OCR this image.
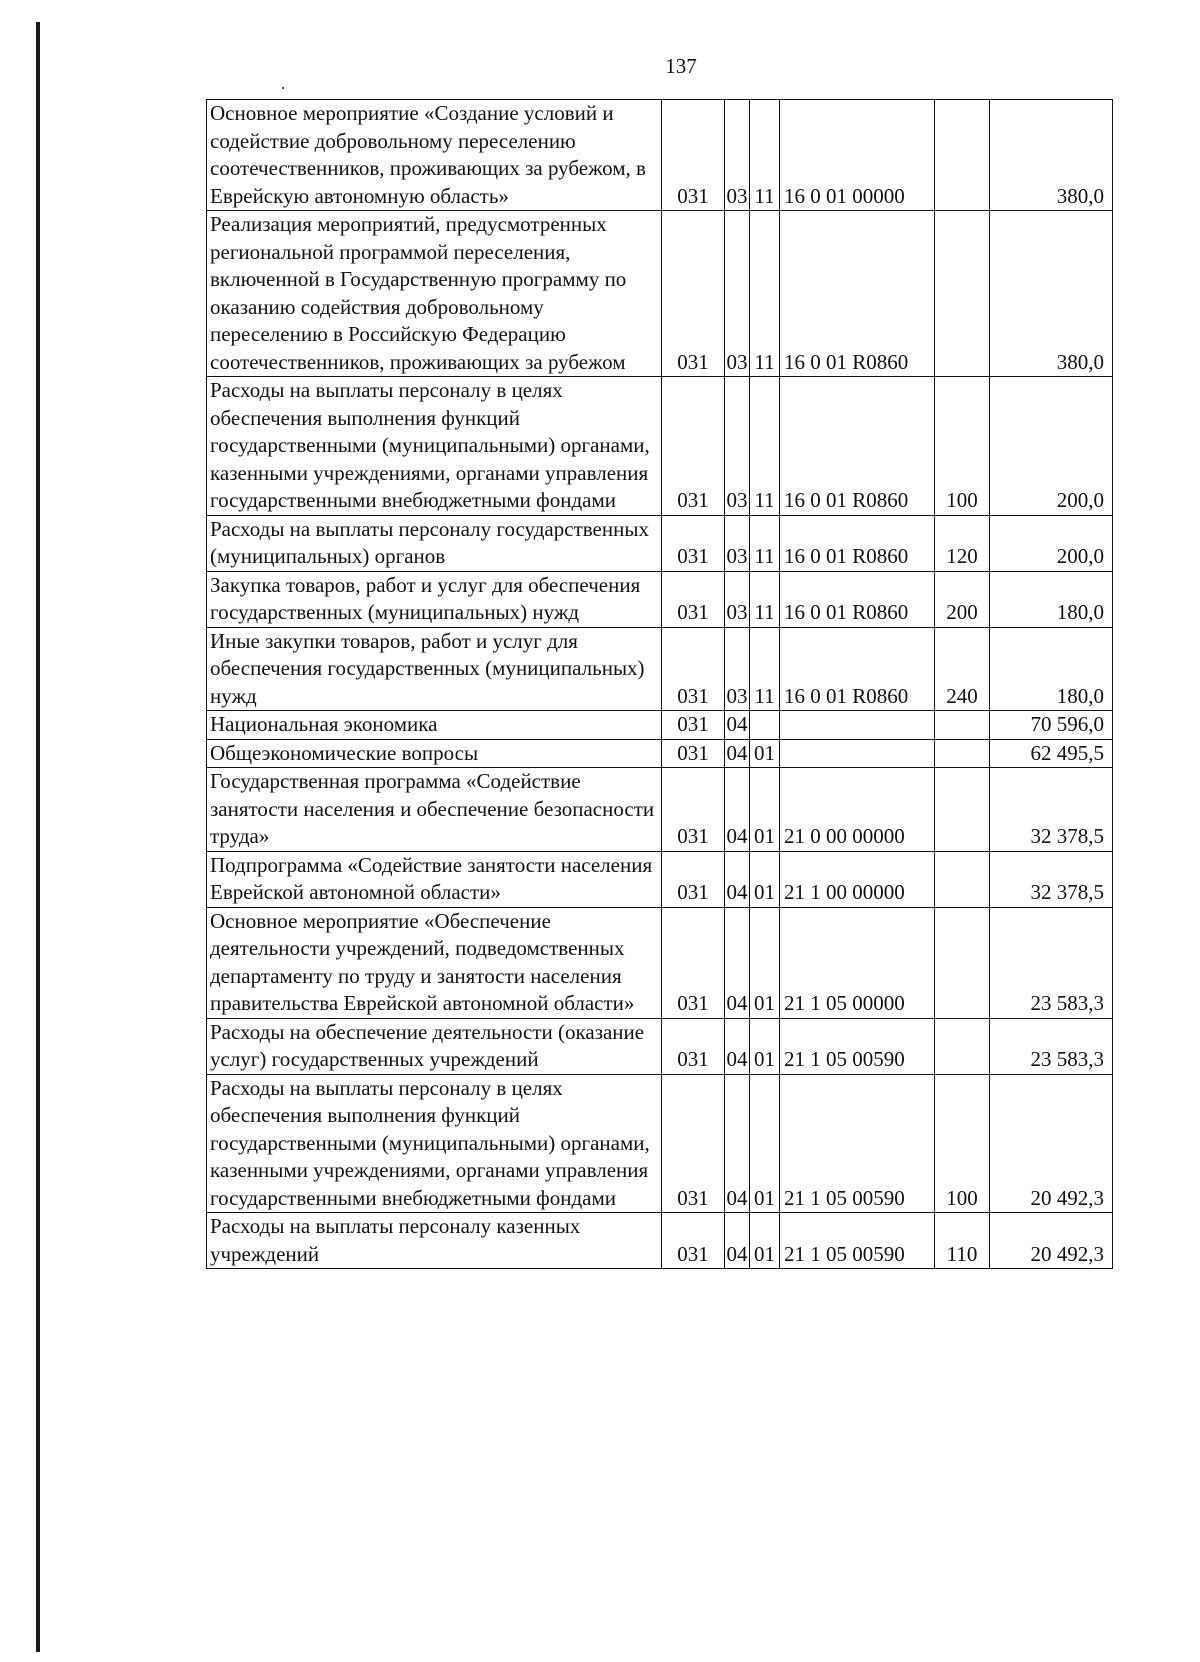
137
Основное мероприятие «Создание условий и содействие добровольному переселению соотечественников, проживающих за рубежом, в Еврейскую автономную область»	031	03	11	16 0 01 00000		380,0
Реализация мероприятий, предусмотренных региональной программой переселения, включенной в Государственную программу по оказанию содействия добровольному переселению в Российскую Федерацию соотечественников, проживающих за рубежом	031	03	11	16 0 01 R0860		380,0
Расходы на выплаты персоналу в целях обеспечения выполнения функций государственными (муниципальными) органами, казенными учреждениями, органами управления государственными внебюджетными фондами	031	03	11	16 0 01 R0860	100	200,0
Расходы на выплаты персоналу государственных (муниципальных) органов	031	03	11	16 0 01 R0860	120	200,0
Закупка товаров, работ и услуг для обеспечения государственных (муниципальных) нужд	031	03	11	16 0 01 R0860	200	180,0
Иные закупки товаров, работ и услуг для обеспечения государственных (муниципальных) нужд	031	03	11	16 0 01 R0860	240	180,0
Национальная экономика	031	04				70 596,0
Общеэкономические вопросы	031	04	01			62 495,5
Государственная программа «Содействие занятости населения и обеспечение безопасности труда»	031	04	01	21 0 00 00000		32 378,5
Подпрограмма «Содействие занятости населения Еврейской автономной области»	031	04	01	21 1 00 00000		32 378,5
Основное мероприятие «Обеспечение деятельности учреждений, подведомственных департаменту по труду и занятости населения правительства Еврейской автономной области»	031	04	01	21 1 05 00000		23 583,3
Расходы на обеспечение деятельности (оказание услуг) государственных учреждений	031	04	01	21 1 05 00590		23 583,3
Расходы на выплаты персоналу в целях обеспечения выполнения функций государственными (муниципальными) органами, казенными учреждениями, органами управления государственными внебюджетными фондами	031	04	01	21 1 05 00590	100	20 492,3
Расходы на выплаты персоналу казенных учреждений	031	04	01	21 1 05 00590	110	20 492,3
